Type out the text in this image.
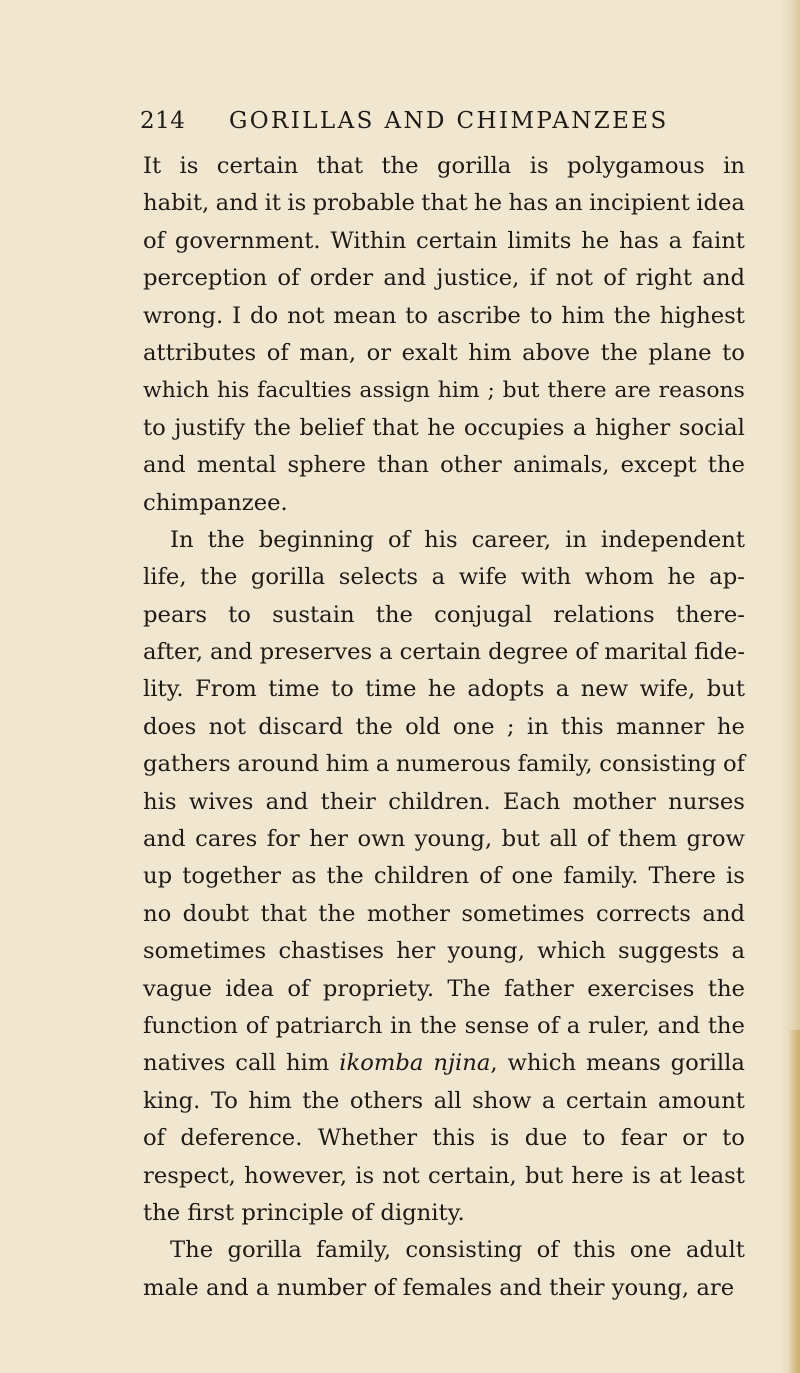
214 GORILLAS AND CHIMPANZEES
It is certain that the gorilla is polygamous in
habit, and it is probable that he has an incipient idea
of government. Within certain limits he has a faint
perception of order and justice, if not of right and
wrong. I do not mean to ascribe to him the highest
attributes of man, or exalt him above the plane to
which his faculties assign him ; but there are reasons
to justify the belief that he occupies a higher social
and mental sphere than other animals, except the
chimpanzee.
In the beginning of his career, in independent
life, the gorilla selects a wife with whom he ap-
pears to sustain the conjugal relations there-
after, and preserves a certain degree of marital fide-
lity. From time to time he adopts a new wife, but
does not discard the old one ; in this manner he
gathers around him a numerous family, consisting of
his wives and their children. Each mother nurses
and cares for her own young, but all of them grow
up together as the children of one family. There is
no doubt that the mother sometimes corrects and
sometimes chastises her young, which suggests a
vague idea of propriety. The father exercises the
function of patriarch in the sense of a ruler, and the
natives call him ikomba njina, which means gorilla
king. To him the others all show a certain amount
of deference. Whether this is due to fear or to
respect, however, is not certain, but here is at least
the first principle of dignity.
The gorilla family, consisting of this one adult
male and a number of females and their young, are
